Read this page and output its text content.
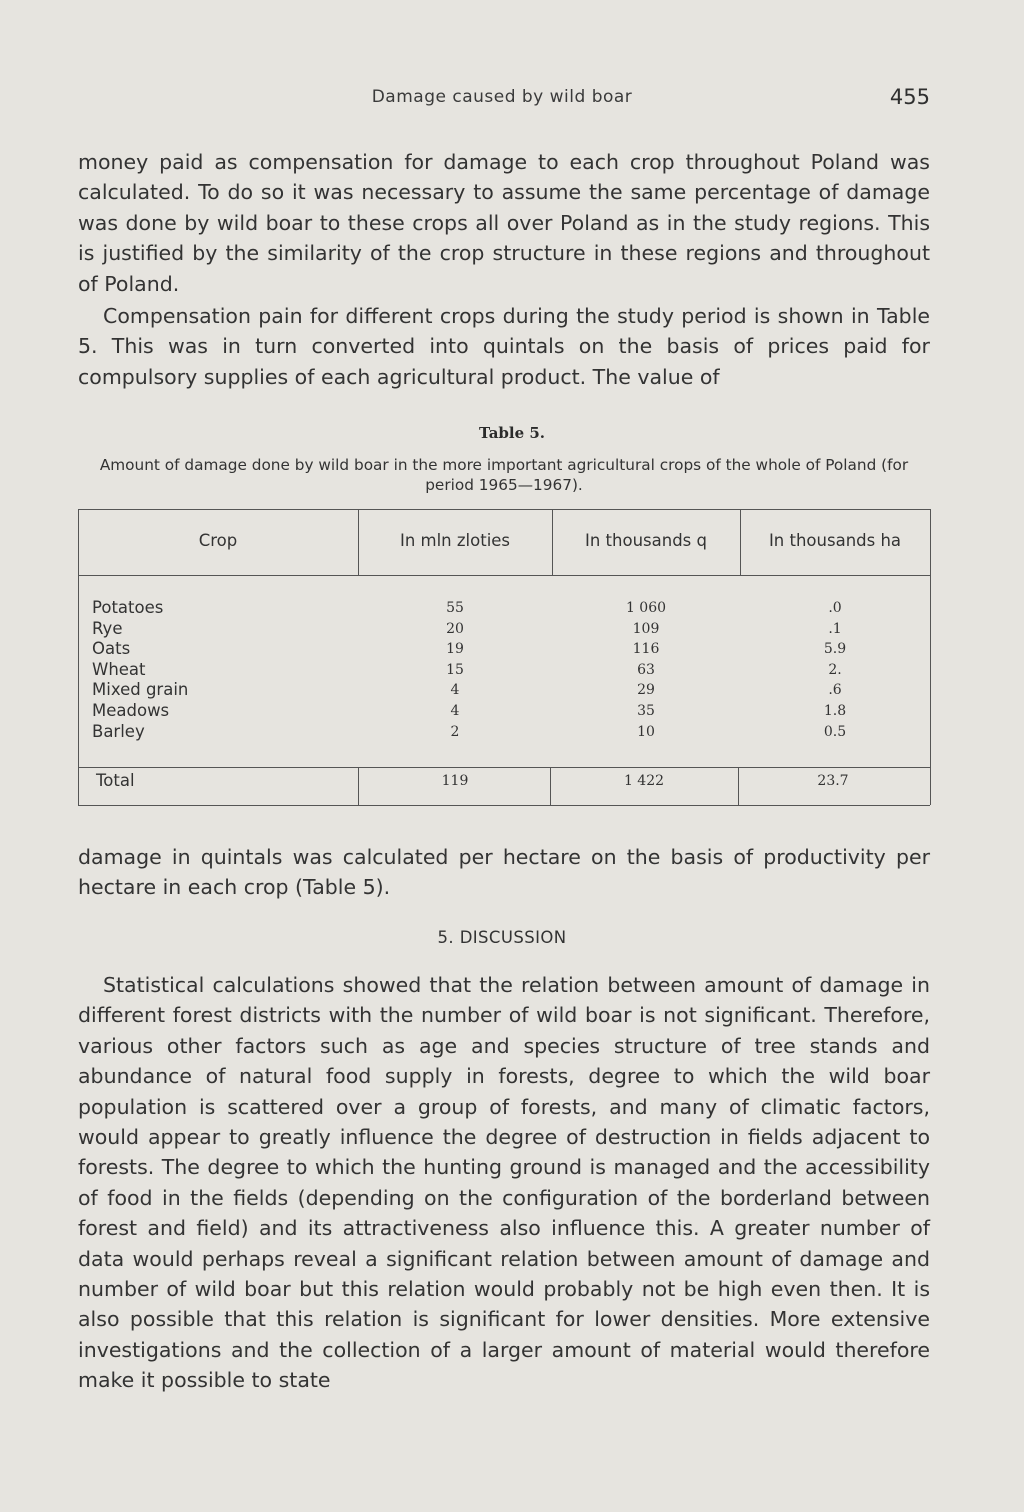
Damage caused by wild boar	455

money paid as compensation for damage to each crop throughout Poland was calculated. To do so it was necessary to assume the same percentage of damage was done by wild boar to these crops all over Poland as in the study regions. This is justified by the similarity of the crop structure in these regions and throughout of Poland.

Compensation pain for different crops during the study period is shown in Table 5. This was in turn converted into quintals on the basis of prices paid for compulsory supplies of each agricultural product. The value of

Table 5.
Amount of damage done by wild boar in the more important agricultural crops of the whole of Poland (for period 1965—1967).
Crop	In mln zloties	In thousands q	In thousands ha
Potatoes	55	1 060	.0
Rye	20	109	.1
Oats	19	116	5.9
Wheat	15	63	2.
Mixed grain	4	29	.6
Meadows	4	35	1.8
Barley	2	10	0.5
Total	119	1 422	23.7

damage in quintals was calculated per hectare on the basis of productivity per hectare in each crop (Table 5).

5. DISCUSSION

Statistical calculations showed that the relation between amount of damage in different forest districts with the number of wild boar is not significant. Therefore, various other factors such as age and species structure of tree stands and abundance of natural food supply in forests, degree to which the wild boar population is scattered over a group of forests, and many of climatic factors, would appear to greatly influence the degree of destruction in fields adjacent to forests. The degree to which the hunting ground is managed and the accessibility of food in the fields (depending on the configuration of the borderland between forest and field) and its attractiveness also influence this. A greater number of data would perhaps reveal a significant relation between amount of damage and number of wild boar but this relation would probably not be high even then. It is also possible that this relation is significant for lower densities. More extensive investigations and the collection of a larger amount of material would therefore make it possible to state
